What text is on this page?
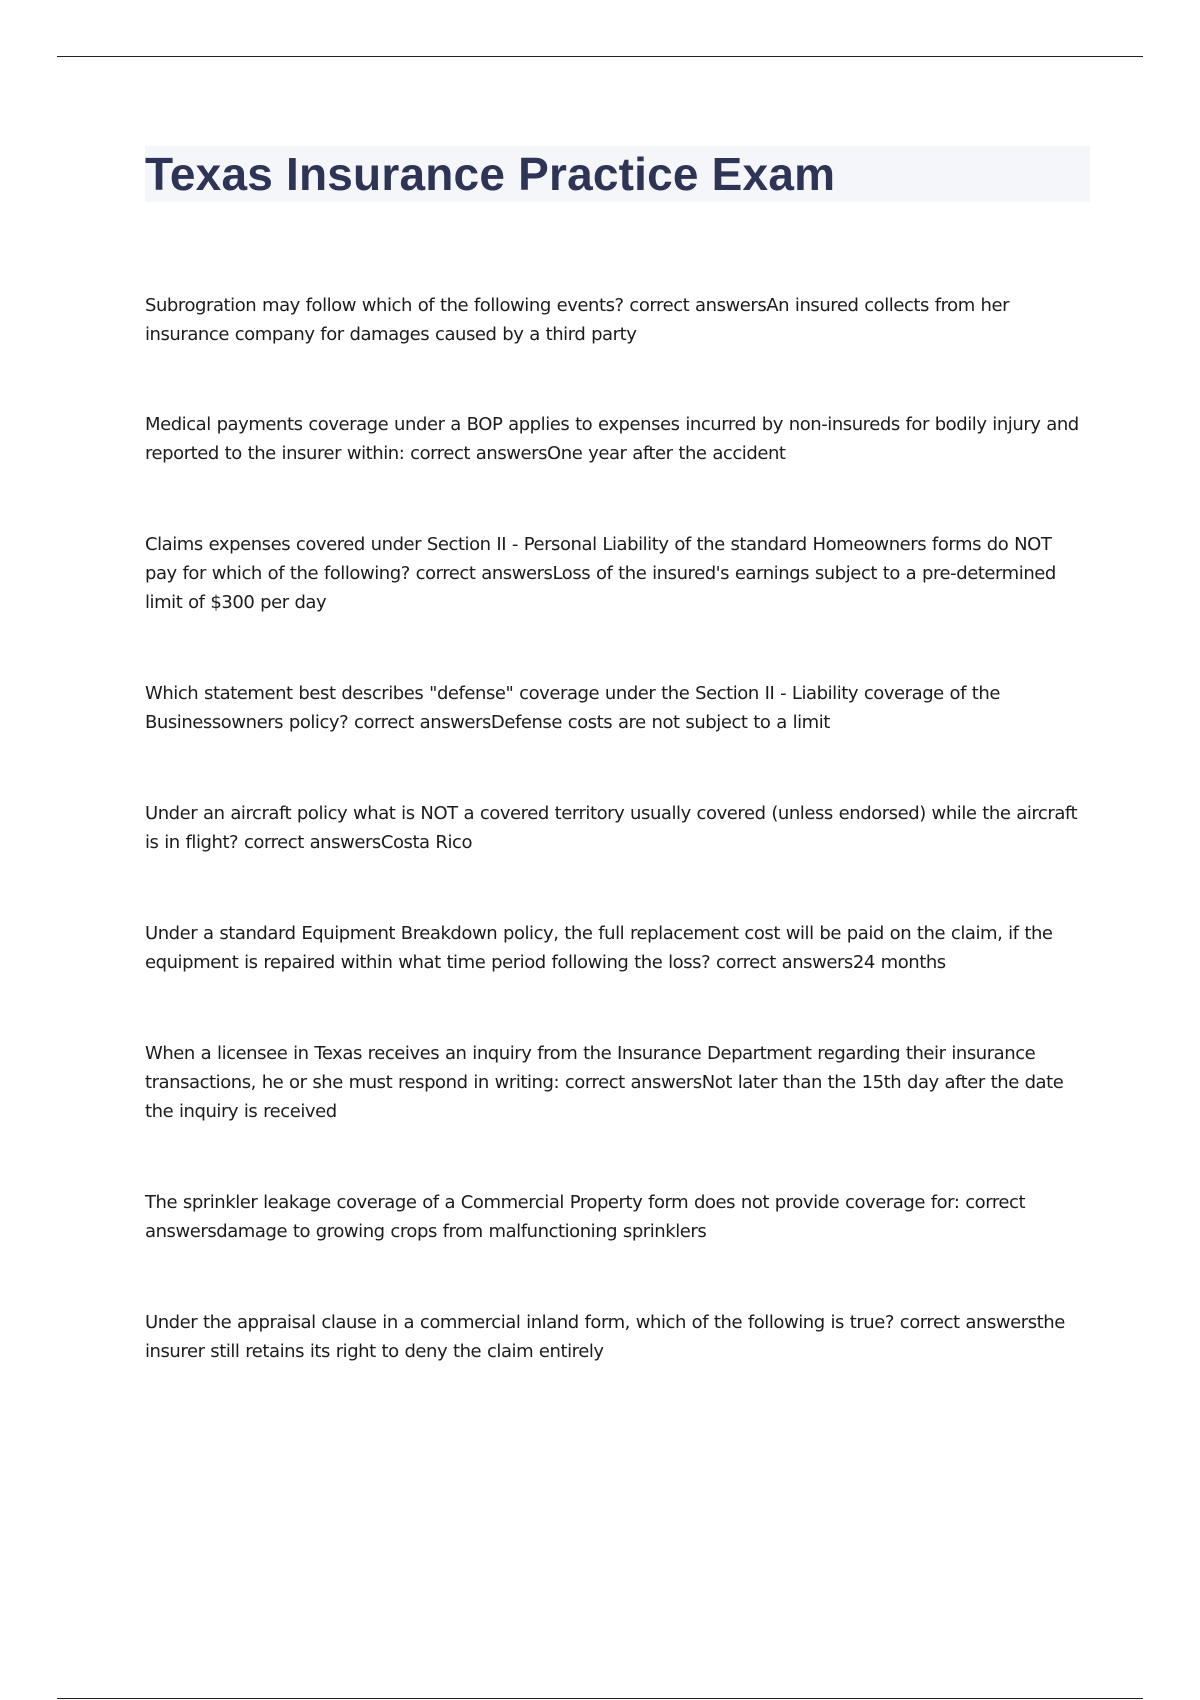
Texas Insurance Practice Exam

Subrogration may follow which of the following events? correct answersAn insured collects from her insurance company for damages caused by a third party

Medical payments coverage under a BOP applies to expenses incurred by non-insureds for bodily injury and reported to the insurer within: correct answersOne year after the accident

Claims expenses covered under Section II - Personal Liability of the standard Homeowners forms do NOT pay for which of the following? correct answersLoss of the insured's earnings subject to a pre-determined limit of $300 per day

Which statement best describes "defense" coverage under the Section II - Liability coverage of the Businessowners policy? correct answersDefense costs are not subject to a limit

Under an aircraft policy what is NOT a covered territory usually covered (unless endorsed) while the aircraft is in flight? correct answersCosta Rico

Under a standard Equipment Breakdown policy, the full replacement cost will be paid on the claim, if the equipment is repaired within what time period following the loss? correct answers24 months

When a licensee in Texas receives an inquiry from the Insurance Department regarding their insurance transactions, he or she must respond in writing: correct answersNot later than the 15th day after the date the inquiry is received

The sprinkler leakage coverage of a Commercial Property form does not provide coverage for: correct answersdamage to growing crops from malfunctioning sprinklers

Under the appraisal clause in a commercial inland form, which of the following is true? correct answersthe insurer still retains its right to deny the claim entirely
